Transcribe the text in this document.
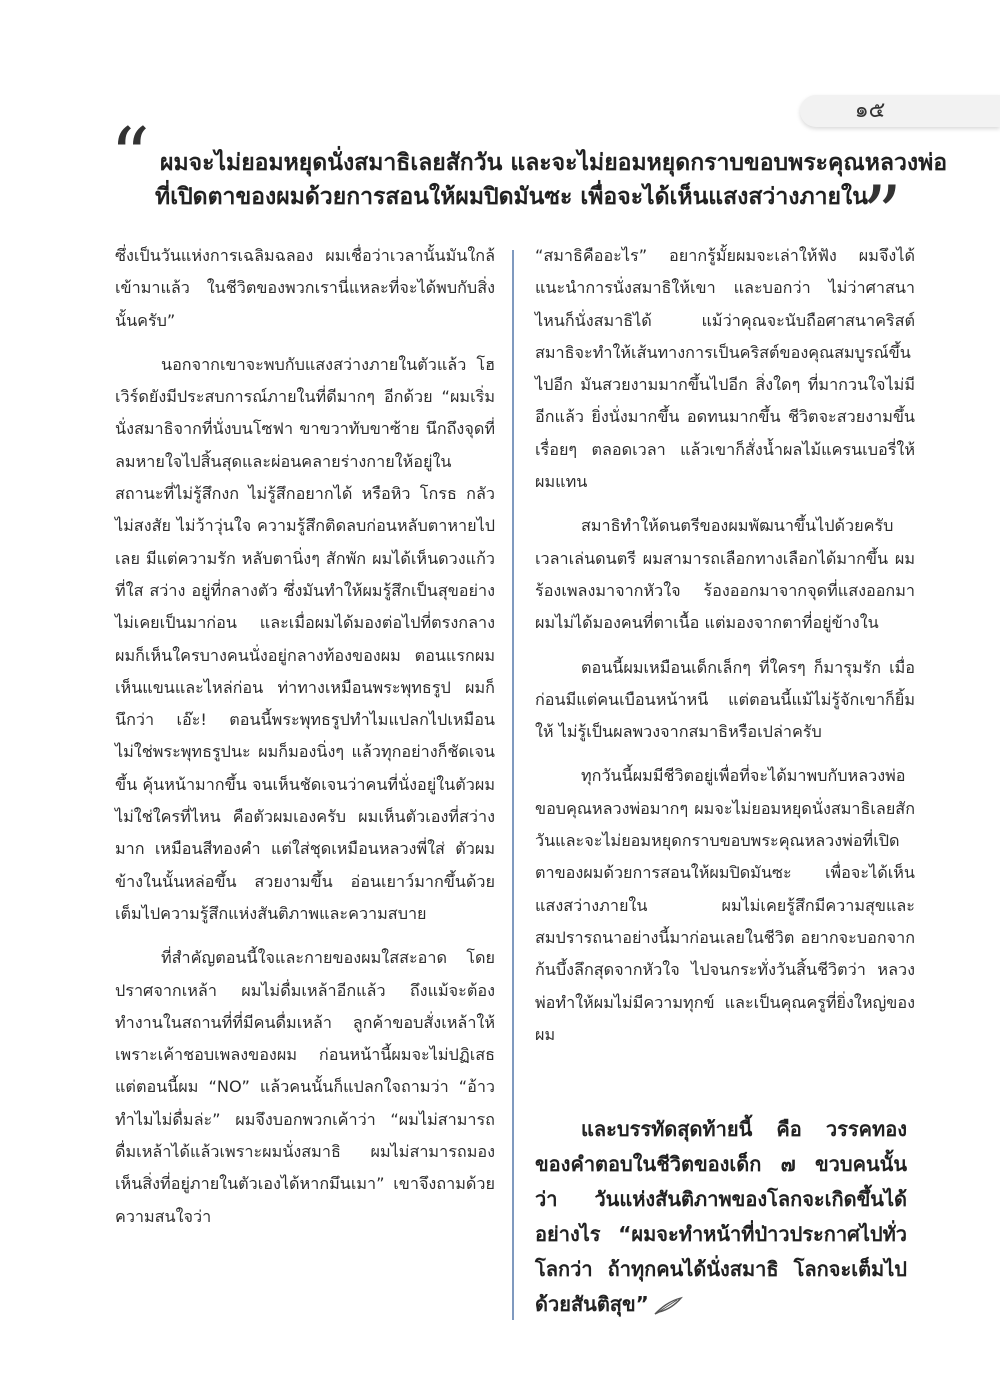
๑๕
“ ผมจะไม่ยอมหยุดนั่งสมาธิเลยสักวัน และจะไม่ยอมหยุดกราบขอบพระคุณหลวงพ่อ
ที่เปิดตาของผมด้วยการสอนให้ผมปิดมันซะ เพื่อจะได้เห็นแสงสว่างภายใน
”

ซึ่งเป็นวันแห่งการเฉลิมฉลอง ผมเชื่อว่าเวลานั้นมันใกล้เข้ามาแล้ว ในชีวิตของพวกเรานี่แหละที่จะได้พบกับสิ่งนั้นครับ”

นอกจากเขาจะพบกับแสงสว่างภายในตัวแล้ว โฮเวิร์ดยังมีประสบการณ์ภายในที่ดีมากๆ อีกด้วย “ผมเริ่มนั่งสมาธิจากที่นั่งบนโซฟา ขาขวาทับขาซ้าย นึกถึงจุดที่ลมหายใจไปสิ้นสุดและผ่อนคลายร่างกายให้อยู่ในสถานะที่ไม่รู้สึกงก ไม่รู้สึกอยากได้ หรือหิว โกรธ กลัว ไม่สงสัย ไม่ว้าวุ่นใจ ความรู้สึกติดลบก่อนหลับตาหายไปเลย มีแต่ความรัก หลับตานิ่งๆ สักพัก ผมได้เห็นดวงแก้วที่ใส สว่าง อยู่ที่กลางตัว ซึ่งมันทำให้ผมรู้สึกเป็นสุขอย่างไม่เคยเป็นมาก่อน และเมื่อผมได้มองต่อไปที่ตรงกลาง ผมก็เห็นใครบางคนนั่งอยู่กลางท้องของผม ตอนแรกผมเห็นแขนและไหล่ก่อน ท่าทางเหมือนพระพุทธรูป ผมก็นึกว่า เอ๊ะ! ตอนนี้พระพุทธรูปทำไมแปลกไปเหมือนไม่ใช่พระพุทธรูปนะ ผมก็มองนิ่งๆ แล้วทุกอย่างก็ชัดเจนขึ้น คุ้นหน้ามากขึ้น จนเห็นชัดเจนว่าคนที่นั่งอยู่ในตัวผมไม่ใช่ใครที่ไหน คือตัวผมเองครับ ผมเห็นตัวเองที่สว่างมาก เหมือนสีทองคำ แต่ใส่ชุดเหมือนหลวงพี่ใส่ ตัวผมข้างในนั้นหล่อขึ้น สวยงามขึ้น อ่อนเยาว์มากขึ้นด้วย เต็มไปความรู้สึกแห่งสันติภาพและความสบาย

ที่สำคัญตอนนี้ใจและกายของผมใสสะอาด โดยปราศจากเหล้า ผมไม่ดื่มเหล้าอีกแล้ว ถึงแม้จะต้องทำงานในสถานที่ที่มีคนดื่มเหล้า ลูกค้าขอบสั่งเหล้าให้ เพราะเค้าชอบเพลงของผม ก่อนหน้านี้ผมจะไม่ปฏิเสธ แต่ตอนนี้ผม “NO” แล้วคนนั้นก็แปลกใจถามว่า “อ้าวทำไมไม่ดื่มล่ะ” ผมจึงบอกพวกเค้าว่า “ผมไม่สามารถดื่มเหล้าได้แล้วเพราะผมนั่งสมาธิ ผมไม่สามารถมองเห็นสิ่งที่อยู่ภายในตัวเองได้หากมึนเมา” เขาจึงถามด้วยความสนใจว่า

“สมาธิคืออะไร” อยากรู้มั้ยผมจะเล่าให้ฟัง ผมจึงได้แนะนำการนั่งสมาธิให้เขา และบอกว่า ไม่ว่าศาสนาไหนก็นั่งสมาธิได้ แม้ว่าคุณจะนับถือศาสนาคริสต์ สมาธิจะทำให้เส้นทางการเป็นคริสต์ของคุณสมบูรณ์ขึ้นไปอีก มันสวยงามมากขึ้นไปอีก สิ่งใดๆ ที่มากวนใจไม่มีอีกแล้ว ยิ่งนั่งมากขึ้น อดทนมากขึ้น ชีวิตจะสวยงามขึ้นเรื่อยๆ ตลอดเวลา แล้วเขาก็สั่งน้ำผลไม้แครนเบอรี่ให้ผมแทน

สมาธิทำให้ดนตรีของผมพัฒนาขึ้นไปด้วยครับ เวลาเล่นดนตรี ผมสามารถเลือกทางเลือกได้มากขึ้น ผมร้องเพลงมาจากหัวใจ ร้องออกมาจากจุดที่แสงออกมา ผมไม่ได้มองคนที่ตาเนื้อ แต่มองจากตาที่อยู่ข้างใน

ตอนนี้ผมเหมือนเด็กเล็กๆ ที่ใครๆ ก็มารุมรัก เมื่อก่อนมีแต่คนเบือนหน้าหนี แต่ตอนนี้แม้ไม่รู้จักเขาก็ยิ้มให้ ไม่รู้เป็นผลพวงจากสมาธิหรือเปล่าครับ

ทุกวันนี้ผมมีชีวิตอยู่เพื่อที่จะได้มาพบกับหลวงพ่อ ขอบคุณหลวงพ่อมากๆ ผมจะไม่ยอมหยุดนั่งสมาธิเลยสักวันและจะไม่ยอมหยุดกราบขอบพระคุณหลวงพ่อที่เปิดตาของผมด้วยการสอนให้ผมปิดมันซะ เพื่อจะได้เห็นแสงสว่างภายใน ผมไม่เคยรู้สึกมีความสุขและสมปรารถนาอย่างนี้มาก่อนเลยในชีวิต อยากจะบอกจากก้นบึ้งลึกสุดจากหัวใจ ไปจนกระทั่งวันสิ้นชีวิตว่า หลวงพ่อทำให้ผมไม่มีความทุกข์ และเป็นคุณครูที่ยิ่งใหญ่ของผม

และบรรทัดสุดท้ายนี้ คือ วรรคทองของคำตอบในชีวิตของเด็ก ๗ ขวบคนนั้น ว่า วันแห่งสันติภาพของโลกจะเกิดขึ้นได้อย่างไร “ผมจะทำหน้าที่ป่าวประกาศไปทั่วโลกว่า ถ้าทุกคนได้นั่งสมาธิ โลกจะเต็มไปด้วยสันติสุข”
